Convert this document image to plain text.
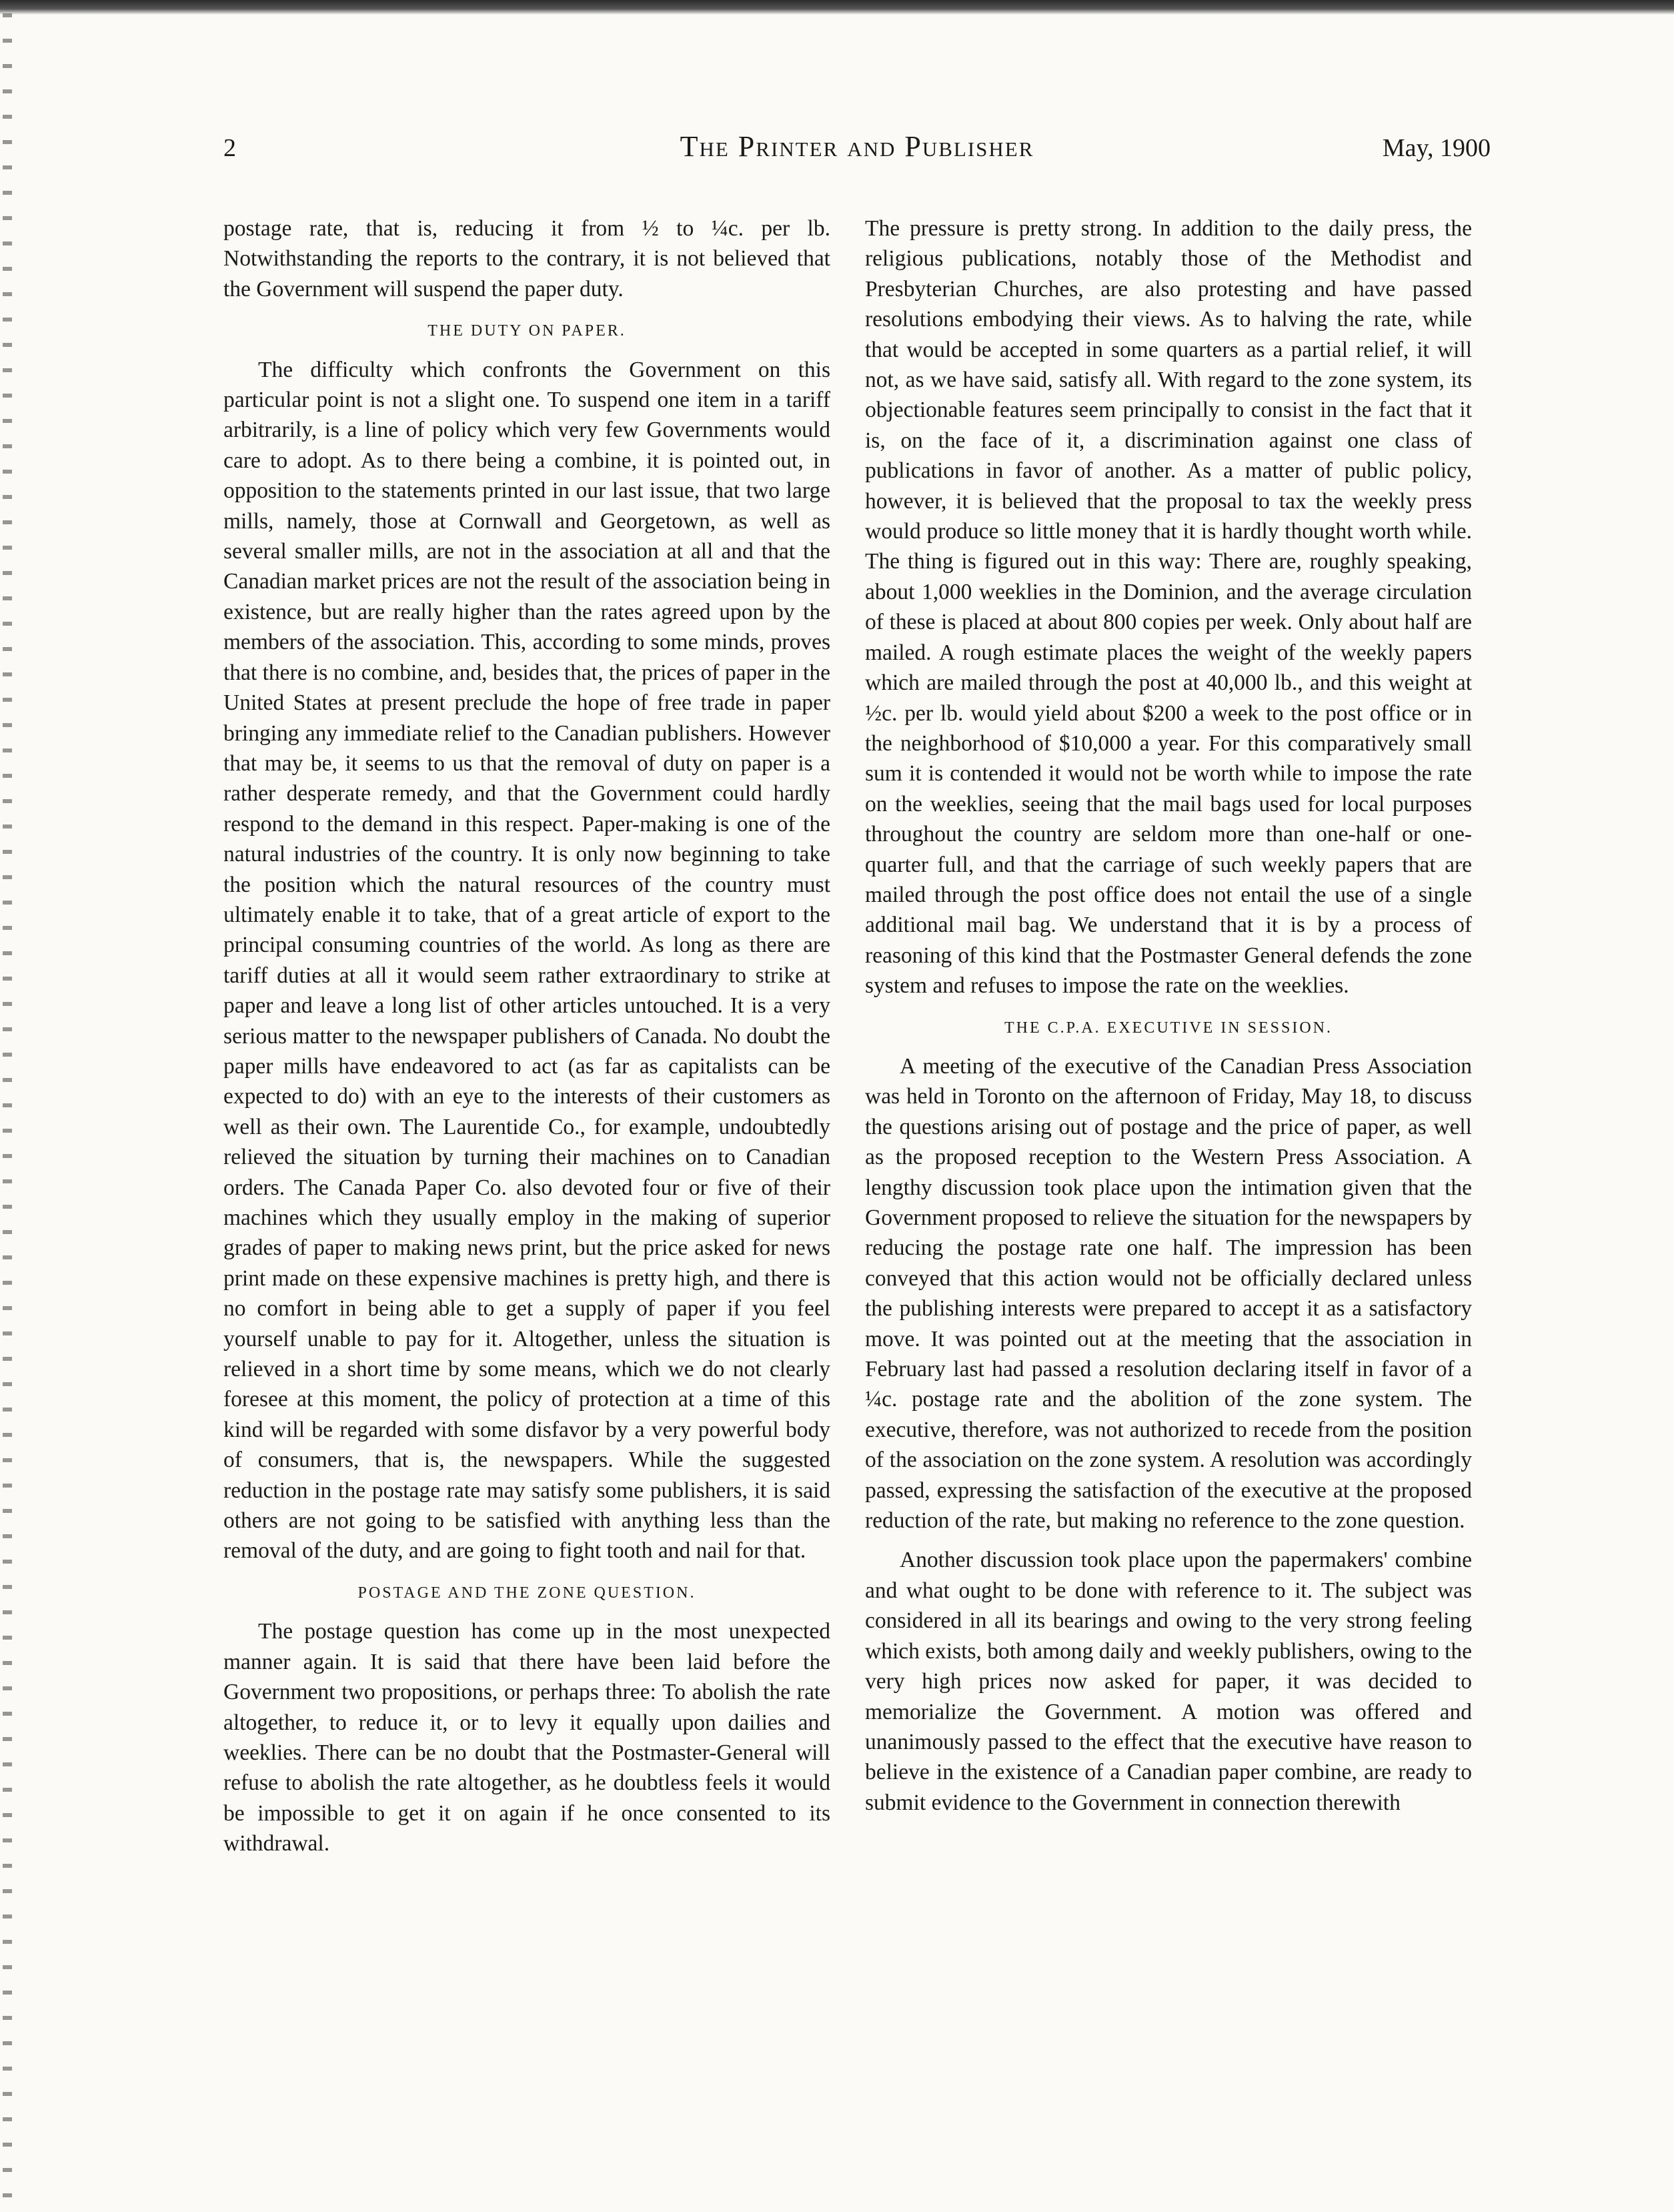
2	The Printer and Publisher	May, 1900

postage rate, that is, reducing it from ½ to ¼c. per lb. Notwithstanding the reports to the contrary, it is not believed that the Government will suspend the paper duty.

THE DUTY ON PAPER.

The difficulty which confronts the Government on this particular point is not a slight one. To suspend one item in a tariff arbitrarily, is a line of policy which very few Governments would care to adopt. As to there being a combine, it is pointed out, in opposition to the statements printed in our last issue, that two large mills, namely, those at Cornwall and Georgetown, as well as several smaller mills, are not in the association at all and that the Canadian market prices are not the result of the association being in existence, but are really higher than the rates agreed upon by the members of the association. This, according to some minds, proves that there is no combine, and, besides that, the prices of paper in the United States at present preclude the hope of free trade in paper bringing any immediate relief to the Canadian publishers. However that may be, it seems to us that the removal of duty on paper is a rather desperate remedy, and that the Government could hardly respond to the demand in this respect. Paper-making is one of the natural industries of the country. It is only now beginning to take the position which the natural resources of the country must ultimately enable it to take, that of a great article of export to the principal consuming countries of the world. As long as there are tariff duties at all it would seem rather extraordinary to strike at paper and leave a long list of other articles untouched. It is a very serious matter to the newspaper publishers of Canada. No doubt the paper mills have endeavored to act (as far as capitalists can be expected to do) with an eye to the interests of their customers as well as their own. The Laurentide Co., for example, undoubtedly relieved the situation by turning their machines on to Canadian orders. The Canada Paper Co. also devoted four or five of their machines which they usually employ in the making of superior grades of paper to making news print, but the price asked for news print made on these expensive machines is pretty high, and there is no comfort in being able to get a supply of paper if you feel yourself unable to pay for it. Altogether, unless the situation is relieved in a short time by some means, which we do not clearly foresee at this moment, the policy of protection at a time of this kind will be regarded with some disfavor by a very powerful body of consumers, that is, the newspapers. While the suggested reduction in the postage rate may satisfy some publishers, it is said others are not going to be satisfied with anything less than the removal of the duty, and are going to fight tooth and nail for that.

POSTAGE AND THE ZONE QUESTION.

The postage question has come up in the most unexpected manner again. It is said that there have been laid before the Government two propositions, or perhaps three: To abolish the rate altogether, to reduce it, or to levy it equally upon dailies and weeklies. There can be no doubt that the Postmaster-General will refuse to abolish the rate altogether, as he doubtless feels it would be impossible to get it on again if he once consented to its withdrawal.

The pressure is pretty strong. In addition to the daily press, the religious publications, notably those of the Methodist and Presbyterian Churches, are also protesting and have passed resolutions embodying their views. As to halving the rate, while that would be accepted in some quarters as a partial relief, it will not, as we have said, satisfy all. With regard to the zone system, its objectionable features seem principally to consist in the fact that it is, on the face of it, a discrimination against one class of publications in favor of another. As a matter of public policy, however, it is believed that the proposal to tax the weekly press would produce so little money that it is hardly thought worth while. The thing is figured out in this way: There are, roughly speaking, about 1,000 weeklies in the Dominion, and the average circulation of these is placed at about 800 copies per week. Only about half are mailed. A rough estimate places the weight of the weekly papers which are mailed through the post at 40,000 lb., and this weight at ½c. per lb. would yield about $200 a week to the post office or in the neighborhood of $10,000 a year. For this comparatively small sum it is contended it would not be worth while to impose the rate on the weeklies, seeing that the mail bags used for local purposes throughout the country are seldom more than one-half or one-quarter full, and that the carriage of such weekly papers that are mailed through the post office does not entail the use of a single additional mail bag. We understand that it is by a process of reasoning of this kind that the Postmaster General defends the zone system and refuses to impose the rate on the weeklies.

THE C.P.A. EXECUTIVE IN SESSION.

A meeting of the executive of the Canadian Press Association was held in Toronto on the afternoon of Friday, May 18, to discuss the questions arising out of postage and the price of paper, as well as the proposed reception to the Western Press Association. A lengthy discussion took place upon the intimation given that the Government proposed to relieve the situation for the newspapers by reducing the postage rate one half. The impression has been conveyed that this action would not be officially declared unless the publishing interests were prepared to accept it as a satisfactory move. It was pointed out at the meeting that the association in February last had passed a resolution declaring itself in favor of a ¼c. postage rate and the abolition of the zone system. The executive, therefore, was not authorized to recede from the position of the association on the zone system. A resolution was accordingly passed, expressing the satisfaction of the executive at the proposed reduction of the rate, but making no reference to the zone question.

Another discussion took place upon the papermakers' combine and what ought to be done with reference to it. The subject was considered in all its bearings and owing to the very strong feeling which exists, both among daily and weekly publishers, owing to the very high prices now asked for paper, it was decided to memorialize the Government. A motion was offered and unanimously passed to the effect that the executive have reason to believe in the existence of a Canadian paper combine, are ready to submit evidence to the Government in connection therewith
